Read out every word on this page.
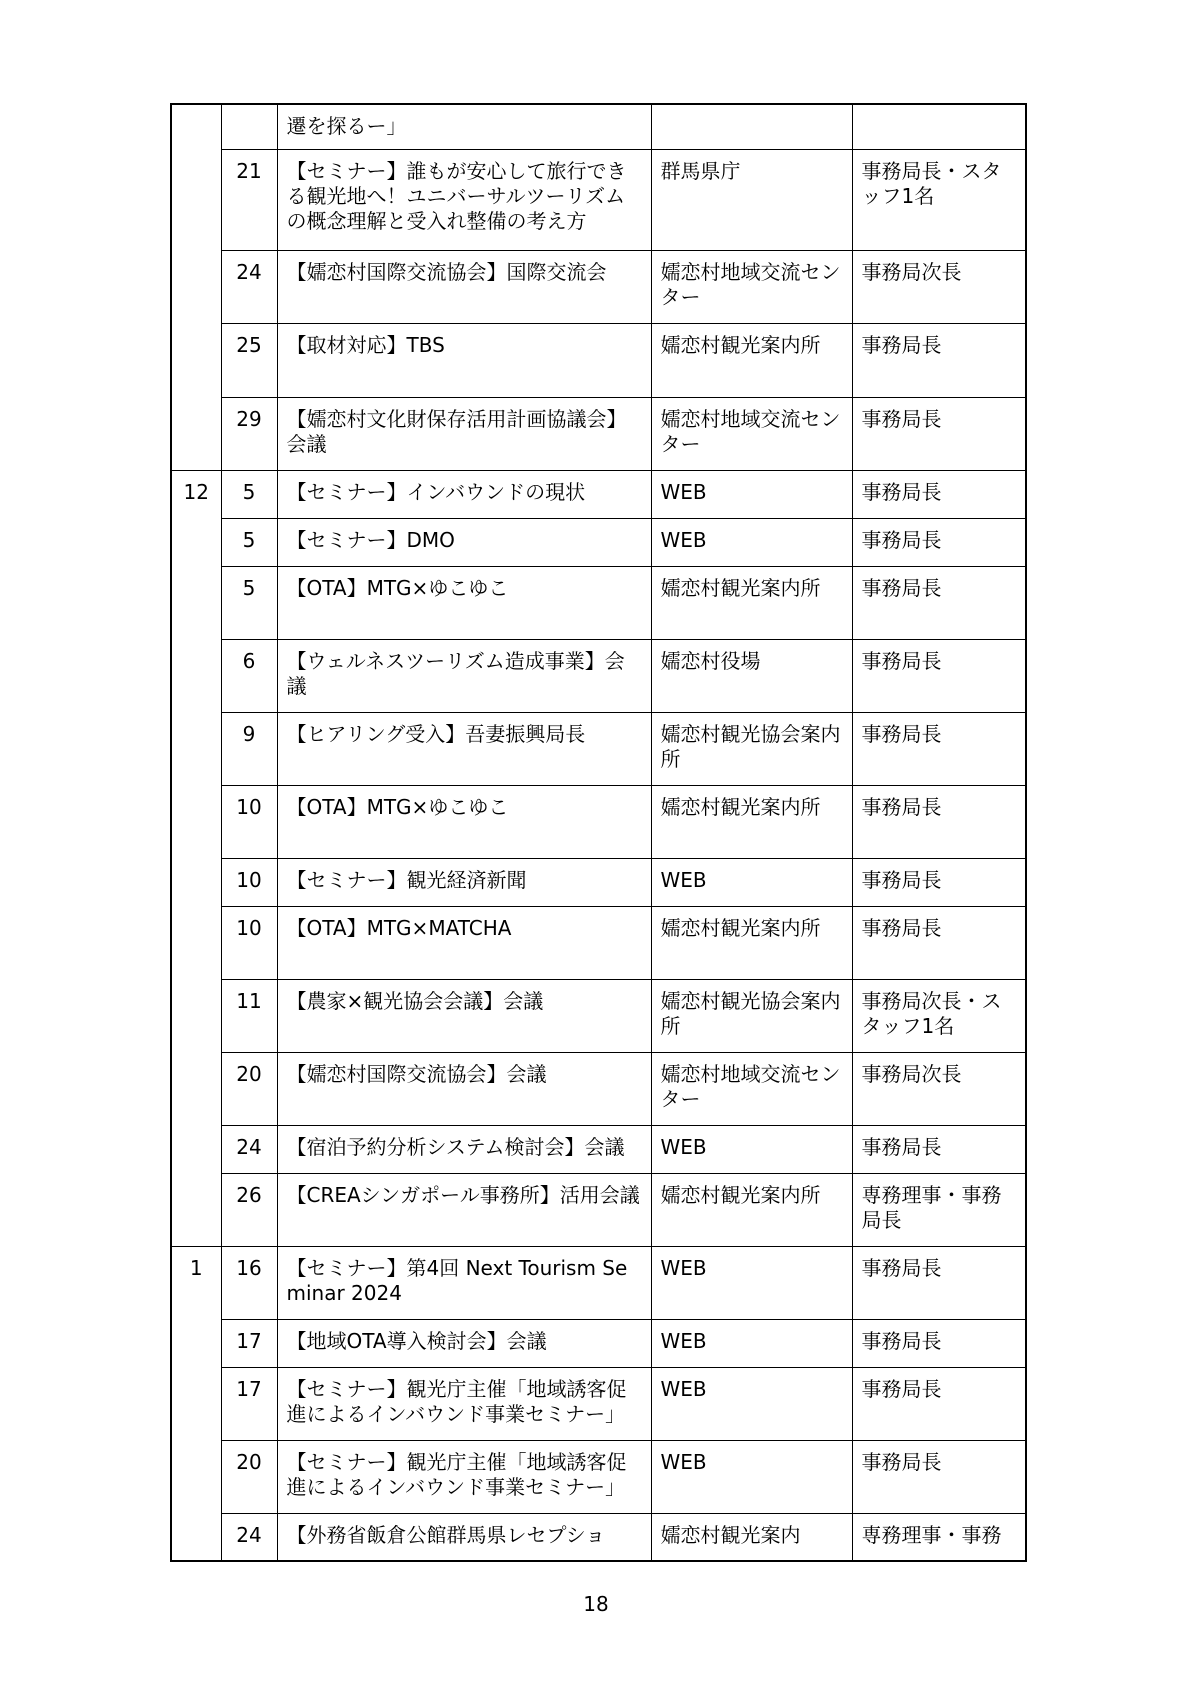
		遷を探るー」		
	21	【セミナー】誰もが安心して旅行できる観光地へ！ユニバーサルツーリズムの概念理解と受入れ整備の考え方	群馬県庁	事務局長・スタッフ1名
	24	【嬬恋村国際交流協会】国際交流会	嬬恋村地域交流センター	事務局次長
	25	【取材対応】TBS	嬬恋村観光案内所	事務局長
	29	【嬬恋村文化財保存活用計画協議会】会議	嬬恋村地域交流センター	事務局長
12	5	【セミナー】インバウンドの現状	WEB	事務局長
	5	【セミナー】DMO	WEB	事務局長
	5	【OTA】MTG×ゆこゆこ	嬬恋村観光案内所	事務局長
	6	【ウェルネスツーリズム造成事業】会議	嬬恋村役場	事務局長
	9	【ヒアリング受入】吾妻振興局長	嬬恋村観光協会案内所	事務局長
	10	【OTA】MTG×ゆこゆこ	嬬恋村観光案内所	事務局長
	10	【セミナー】観光経済新聞	WEB	事務局長
	10	【OTA】MTG×MATCHA	嬬恋村観光案内所	事務局長
	11	【農家×観光協会会議】会議	嬬恋村観光協会案内所	事務局次長・スタッフ1名
	20	【嬬恋村国際交流協会】会議	嬬恋村地域交流センター	事務局次長
	24	【宿泊予約分析システム検討会】会議	WEB	事務局長
	26	【CREAシンガポール事務所】活用会議	嬬恋村観光案内所	専務理事・事務局長
1	16	【セミナー】第4回 Next Tourism Seminar 2024	WEB	事務局長
	17	【地域OTA導入検討会】会議	WEB	事務局長
	17	【セミナー】観光庁主催「地域誘客促進によるインバウンド事業セミナー」	WEB	事務局長
	20	【セミナー】観光庁主催「地域誘客促進によるインバウンド事業セミナー」	WEB	事務局長
	24	【外務省飯倉公館群馬県レセプショ	嬬恋村観光案内	専務理事・事務
18
